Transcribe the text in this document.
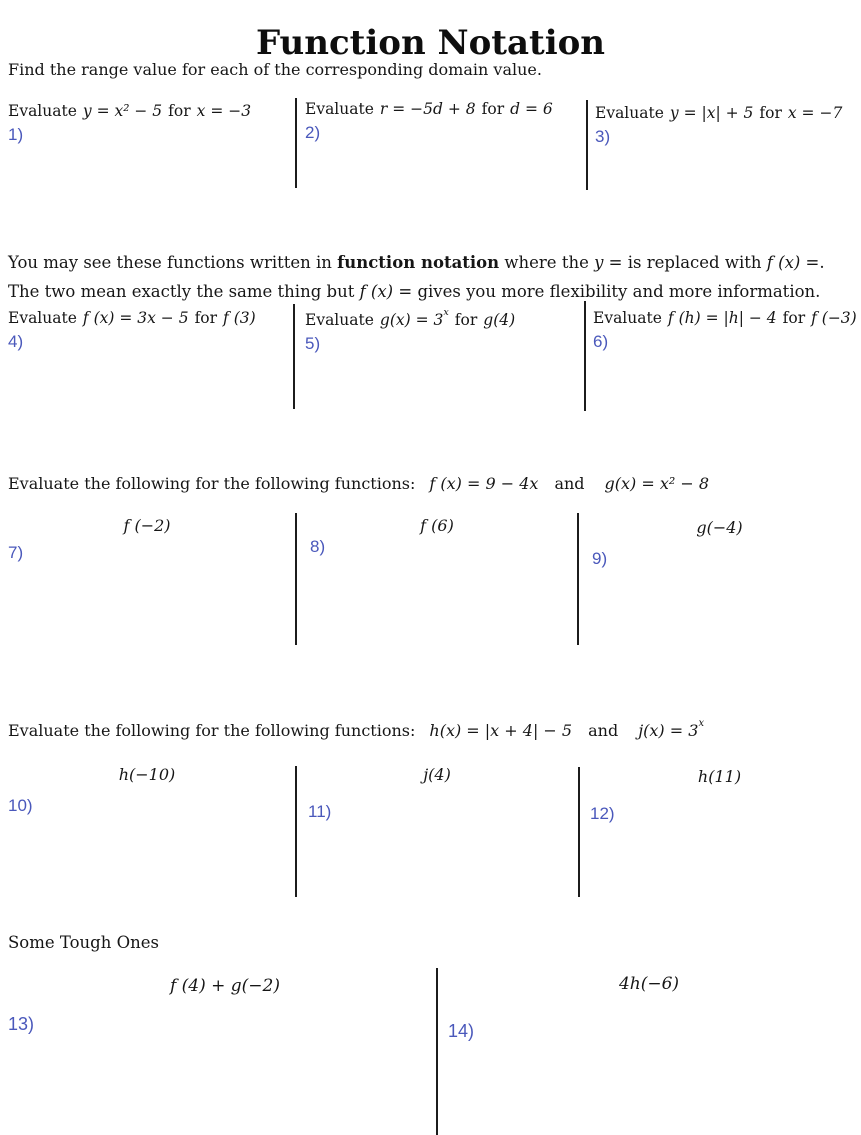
Function Notation
Find the range value for each of the corresponding domain value.
Evaluate y = x² − 5 for x = −3
1)
Evaluate r = −5d + 8 for d = 6
2)
Evaluate y = |x| + 5 for x = −7
3)

You may see these functions written in function notation where the y = is replaced with f (x) =.
The two mean exactly the same thing but f (x) = gives you more flexibility and more information.

Evaluate f (x) = 3x − 5 for f (3)
4)
Evaluate $g(x) = 3^x$ for g(4)
5)
Evaluate f (h) = |h| − 4 for f (−3)
6)
Evaluate the following for the following functions: f (x) = 9 − 4x and g(x) = x² − 8
f (−2)
7)
f (6)
8)
g(−4)
9)
Evaluate the following for the following functions: h(x) = |x + 4| − 5 and $j(x) = 3^x$
h(−10)
10)
j(4)
11)
h(11)
12)
Some Tough Ones
f (4) + g(−2)
13)
4h(−6)
14)
